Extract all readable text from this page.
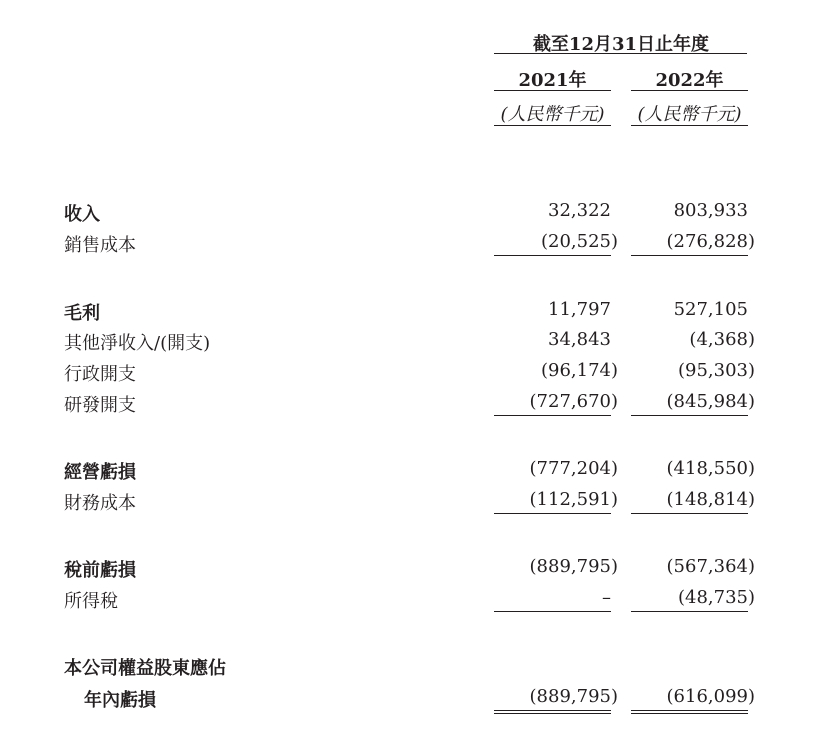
截至12月31日止年度
2021年	2022年
(人民幣千元)	(人民幣千元)
收入	32,322	803,933
銷售成本	(20,525)	(276,828)
毛利	11,797	527,105
其他淨收入/(開支)	34,843	(4,368)
行政開支	(96,174)	(95,303)
研發開支	(727,670)	(845,984)
經營虧損	(777,204)	(418,550)
財務成本	(112,591)	(148,814)
稅前虧損	(889,795)	(567,364)
所得稅	–	(48,735)
本公司權益股東應佔
年內虧損	(889,795)	(616,099)
